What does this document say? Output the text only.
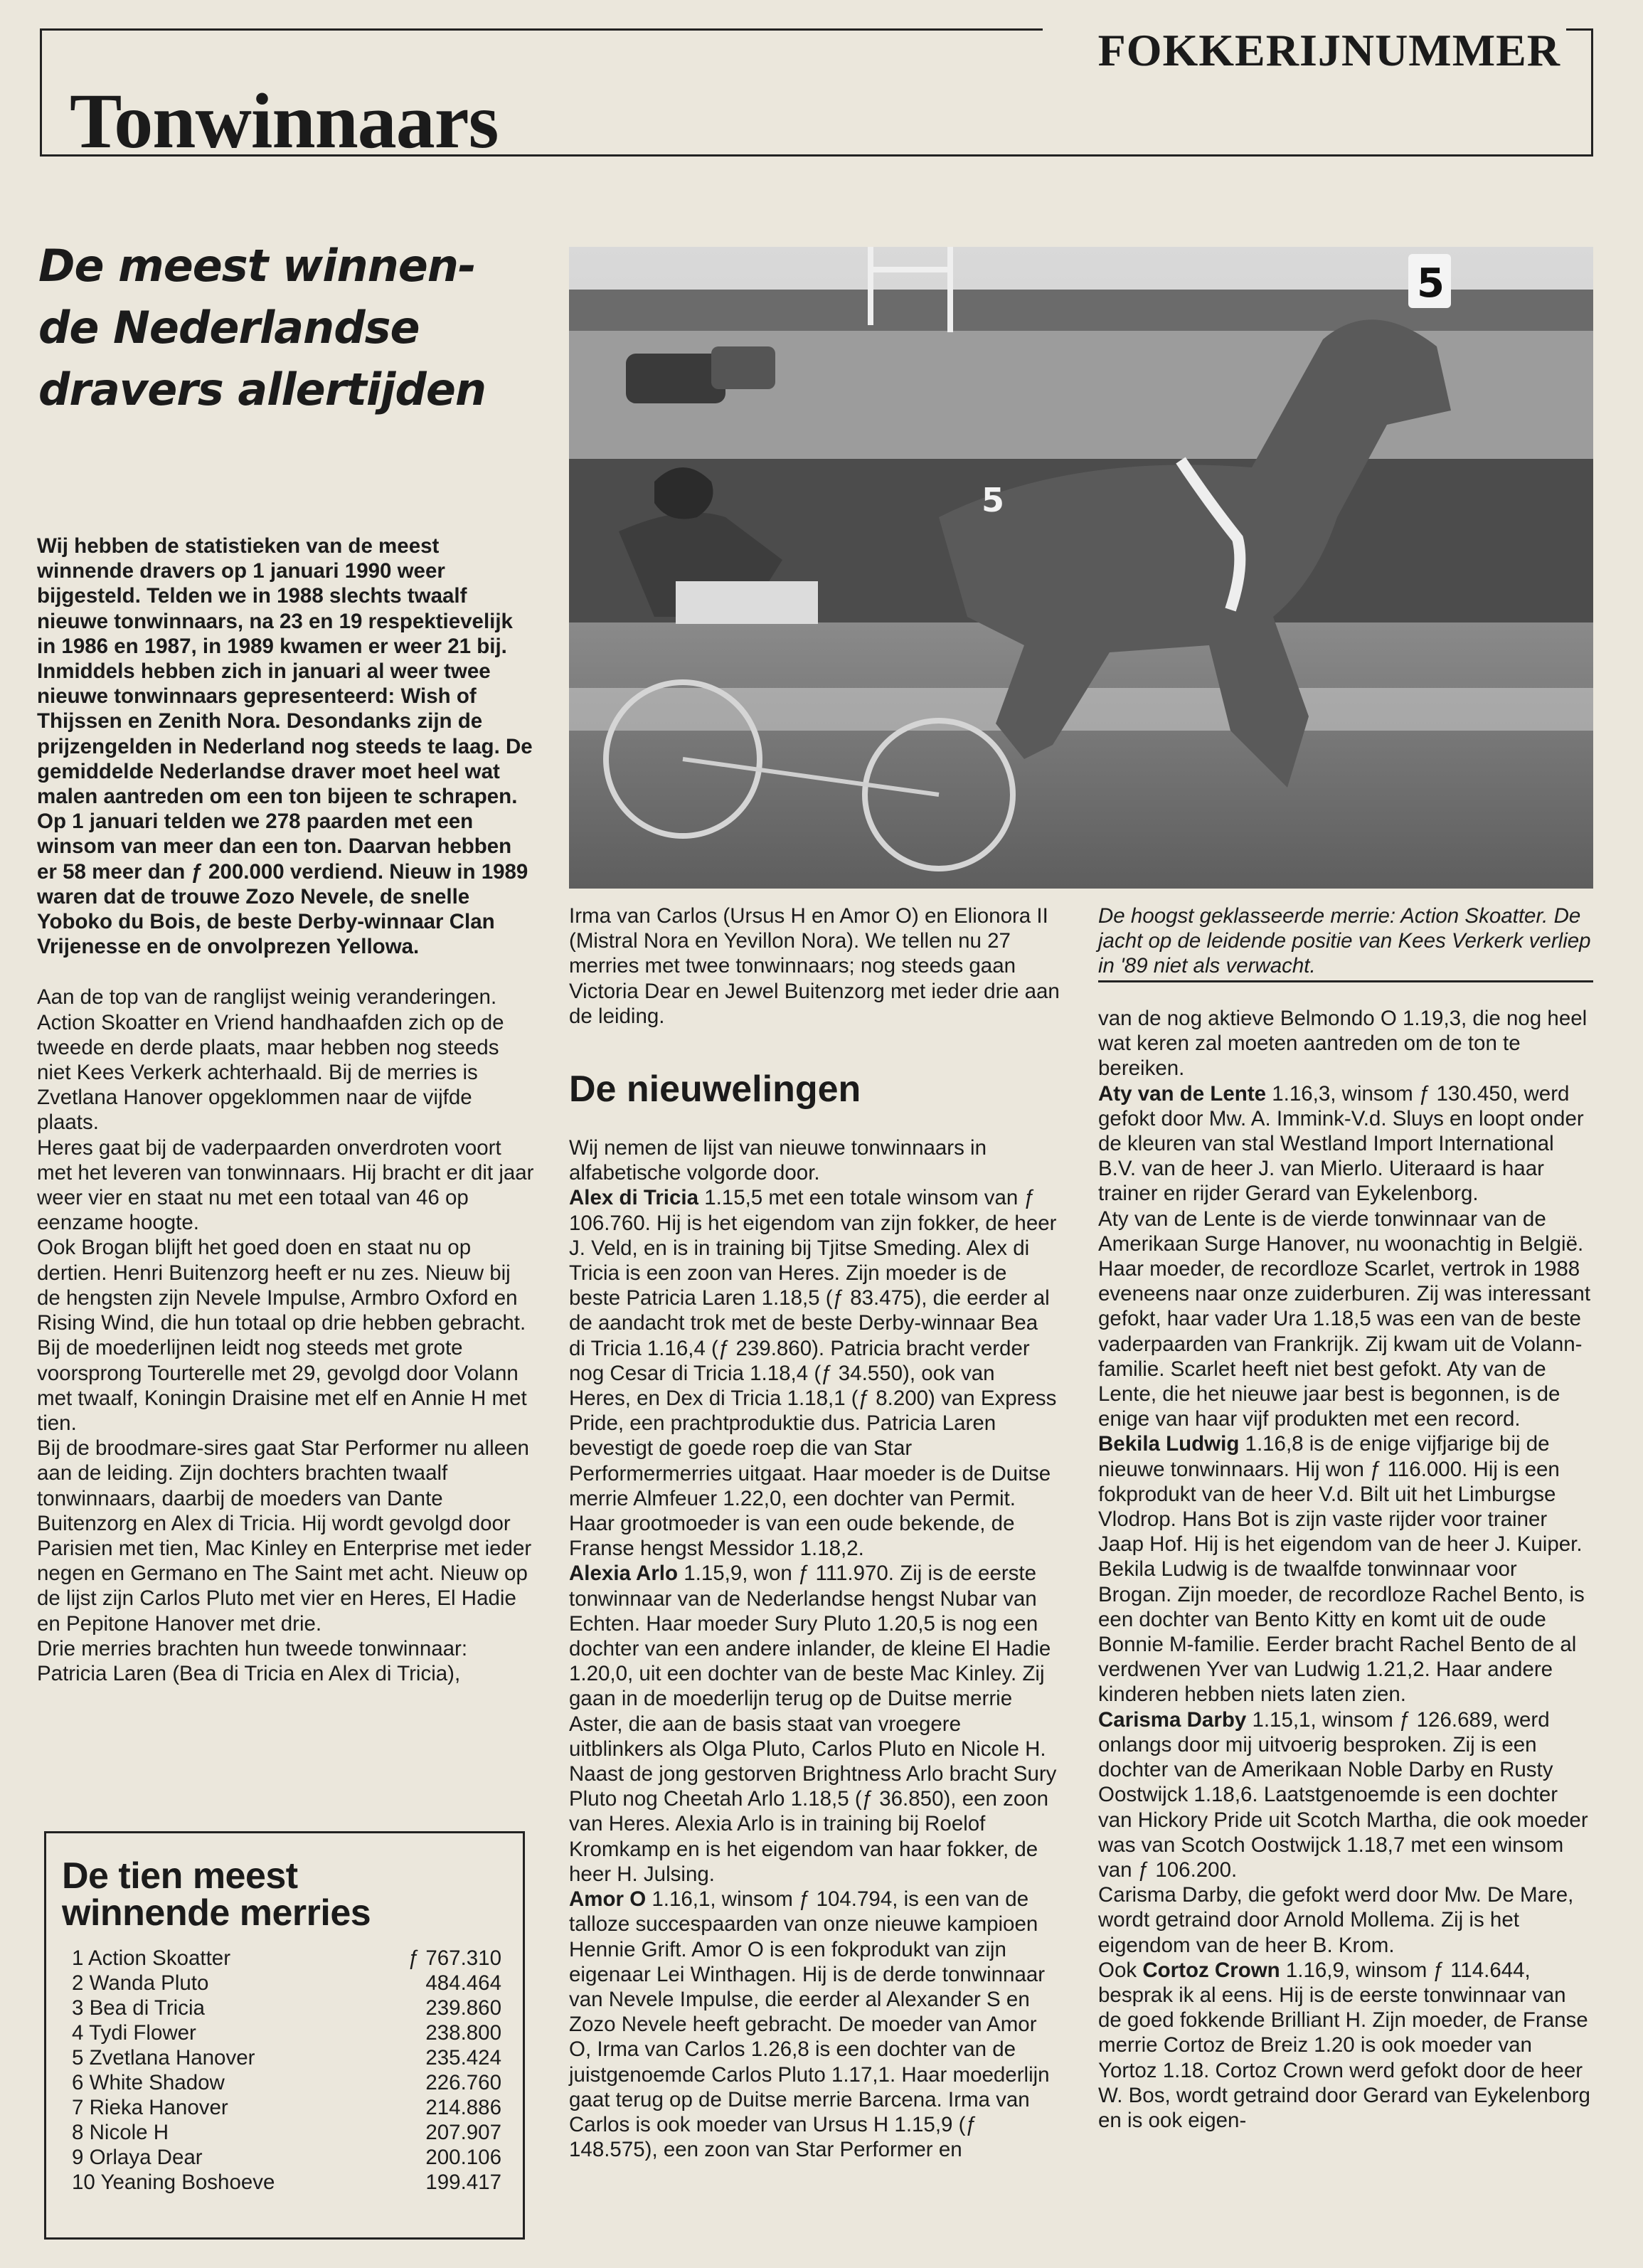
FOKKERIJNUMMER
Tonwinnaars
De meest winnen-
de Nederlandse
dravers allertijden
5
5

Wij hebben de statistieken van de meest winnende dravers op 1 januari 1990 weer bijgesteld. Telden we in 1988 slechts twaalf nieuwe tonwinnaars, na 23 en 19 respektievelijk in 1986 en 1987, in 1989 kwamen er weer 21 bij. Inmiddels hebben zich in januari al weer twee nieuwe tonwinnaars gepresenteerd: Wish of Thijssen en Zenith Nora. Desondanks zijn de prijzengelden in Nederland nog steeds te laag. De gemiddelde Nederlandse draver moet heel wat malen aantreden om een ton bijeen te schrapen. Op 1 januari telden we 278 paarden met een winsom van meer dan een ton. Daarvan hebben er 58 meer dan ƒ 200.000 verdiend. Nieuw in 1989 waren dat de trouwe Zozo Nevele, de snelle Yoboko du Bois, de beste Derby-winnaar Clan Vrijenesse en de onvolprezen Yellowa.

Aan de top van de ranglijst weinig veranderingen. Action Skoatter en Vriend handhaafden zich op de tweede en derde plaats, maar hebben nog steeds niet Kees Verkerk achterhaald. Bij de merries is Zvetlana Hanover opgeklommen naar de vijfde plaats.

Heres gaat bij de vaderpaarden onverdroten voort met het leveren van tonwinnaars. Hij bracht er dit jaar weer vier en staat nu met een totaal van 46 op eenzame hoogte.

Ook Brogan blijft het goed doen en staat nu op dertien. Henri Buitenzorg heeft er nu zes. Nieuw bij de hengsten zijn Nevele Impulse, Armbro Oxford en Rising Wind, die hun totaal op drie hebben gebracht.

Bij de moederlijnen leidt nog steeds met grote voorsprong Tourterelle met 29, gevolgd door Volann met twaalf, Koningin Draisine met elf en Annie H met tien.

Bij de broodmare-sires gaat Star Performer nu alleen aan de leiding. Zijn dochters brachten twaalf tonwinnaars, daarbij de moeders van Dante Buitenzorg en Alex di Tricia. Hij wordt gevolgd door Parisien met tien, Mac Kinley en Enterprise met ieder negen en Germano en The Saint met acht. Nieuw op de lijst zijn Carlos Pluto met vier en Heres, El Hadie en Pepitone Hanover met drie.

Drie merries brachten hun tweede tonwinnaar: Patricia Laren (Bea di Tricia en Alex di Tricia),

Irma van Carlos (Ursus H en Amor O) en Elionora II (Mistral Nora en Yevillon Nora). We tellen nu 27 merries met twee tonwinnaars; nog steeds gaan Victoria Dear en Jewel Buitenzorg met ieder drie aan de leiding.
De hoogst geklasseerde merrie: Action Skoatter. De jacht op de leidende positie van Kees Verkerk verliep in '89 niet als verwacht.
De nieuwelingen

Wij nemen de lijst van nieuwe tonwinnaars in alfabetische volgorde door.

Alex di Tricia 1.15,5 met een totale winsom van ƒ 106.760. Hij is het eigendom van zijn fokker, de heer J. Veld, en is in training bij Tjitse Smeding. Alex di Tricia is een zoon van Heres. Zijn moeder is de beste Patricia Laren 1.18,5 (ƒ 83.475), die eerder al de aandacht trok met de beste Derby-winnaar Bea di Tricia 1.16,4 (ƒ 239.860). Patricia bracht verder nog Cesar di Tricia 1.18,4 (ƒ 34.550), ook van Heres, en Dex di Tricia 1.18,1 (ƒ 8.200) van Express Pride, een prachtproduktie dus. Patricia Laren bevestigt de goede roep die van Star Performermerries uitgaat. Haar moeder is de Duitse merrie Almfeuer 1.22,0, een dochter van Permit. Haar grootmoeder is van een oude bekende, de Franse hengst Messidor 1.18,2.

Alexia Arlo 1.15,9, won ƒ 111.970. Zij is de eerste tonwinnaar van de Nederlandse hengst Nubar van Echten. Haar moeder Sury Pluto 1.20,5 is nog een dochter van een andere inlander, de kleine El Hadie 1.20,0, uit een dochter van de beste Mac Kinley. Zij gaan in de moederlijn terug op de Duitse merrie Aster, die aan de basis staat van vroegere uitblinkers als Olga Pluto, Carlos Pluto en Nicole H. Naast de jong gestorven Brightness Arlo bracht Sury Pluto nog Cheetah Arlo 1.18,5 (ƒ 36.850), een zoon van Heres. Alexia Arlo is in training bij Roelof Kromkamp en is het eigendom van haar fokker, de heer H. Julsing.

Amor O 1.16,1, winsom ƒ 104.794, is een van de talloze succespaarden van onze nieuwe kampioen Hennie Grift. Amor O is een fokprodukt van zijn eigenaar Lei Winthagen. Hij is de derde tonwinnaar van Nevele Impulse, die eerder al Alexander S en Zozo Nevele heeft gebracht. De moeder van Amor O, Irma van Carlos 1.26,8 is een dochter van de juistgenoemde Carlos Pluto 1.17,1. Haar moederlijn gaat terug op de Duitse merrie Barcena. Irma van Carlos is ook moeder van Ursus H 1.15,9 (ƒ 148.575), een zoon van Star Performer en

van de nog aktieve Belmondo O 1.19,3, die nog heel wat keren zal moeten aantreden om de ton te bereiken.

Aty van de Lente 1.16,3, winsom ƒ 130.450, werd gefokt door Mw. A. Immink-V.d. Sluys en loopt onder de kleuren van stal Westland Import International B.V. van de heer J. van Mierlo. Uiteraard is haar trainer en rijder Gerard van Eykelenborg.

Aty van de Lente is de vierde tonwinnaar van de Amerikaan Surge Hanover, nu woonachtig in België. Haar moeder, de recordloze Scarlet, vertrok in 1988 eveneens naar onze zuiderburen. Zij was interessant gefokt, haar vader Ura 1.18,5 was een van de beste vaderpaarden van Frankrijk. Zij kwam uit de Volann-familie. Scarlet heeft niet best gefokt. Aty van de Lente, die het nieuwe jaar best is begonnen, is de enige van haar vijf produkten met een record.

Bekila Ludwig 1.16,8 is de enige vijfjarige bij de nieuwe tonwinnaars. Hij won ƒ 116.000. Hij is een fokprodukt van de heer V.d. Bilt uit het Limburgse Vlodrop. Hans Bot is zijn vaste rijder voor trainer Jaap Hof. Hij is het eigendom van de heer J. Kuiper.

Bekila Ludwig is de twaalfde tonwinnaar voor Brogan. Zijn moeder, de recordloze Rachel Bento, is een dochter van Bento Kitty en komt uit de oude Bonnie M-familie. Eerder bracht Rachel Bento de al verdwenen Yver van Ludwig 1.21,2. Haar andere kinderen hebben niets laten zien.

Carisma Darby 1.15,1, winsom ƒ 126.689, werd onlangs door mij uitvoerig besproken. Zij is een dochter van de Amerikaan Noble Darby en Rusty Oostwijck 1.18,6. Laatstgenoemde is een dochter van Hickory Pride uit Scotch Martha, die ook moeder was van Scotch Oostwijck 1.18,7 met een winsom van ƒ 106.200.

Carisma Darby, die gefokt werd door Mw. De Mare, wordt getraind door Arnold Mollema. Zij is het eigendom van de heer B. Krom.

Ook Cortoz Crown 1.16,9, winsom ƒ 114.644, besprak ik al eens. Hij is de eerste tonwinnaar van de goed fokkende Brilliant H. Zijn moeder, de Franse merrie Cortoz de Breiz 1.20 is ook moeder van Yortoz 1.18. Cortoz Crown werd gefokt door de heer W. Bos, wordt getraind door Gerard van Eykelenborg en is ook eigen-

De tien meest
winnende merries
1 Action Skoatter	ƒ 767.310
2 Wanda Pluto	484.464
3 Bea di Tricia	239.860
4 Tydi Flower	238.800
5 Zvetlana Hanover	235.424
6 White Shadow	226.760
7 Rieka Hanover	214.886
8 Nicole H	207.907
9 Orlaya Dear	200.106
10 Yeaning Boshoeve	199.417
